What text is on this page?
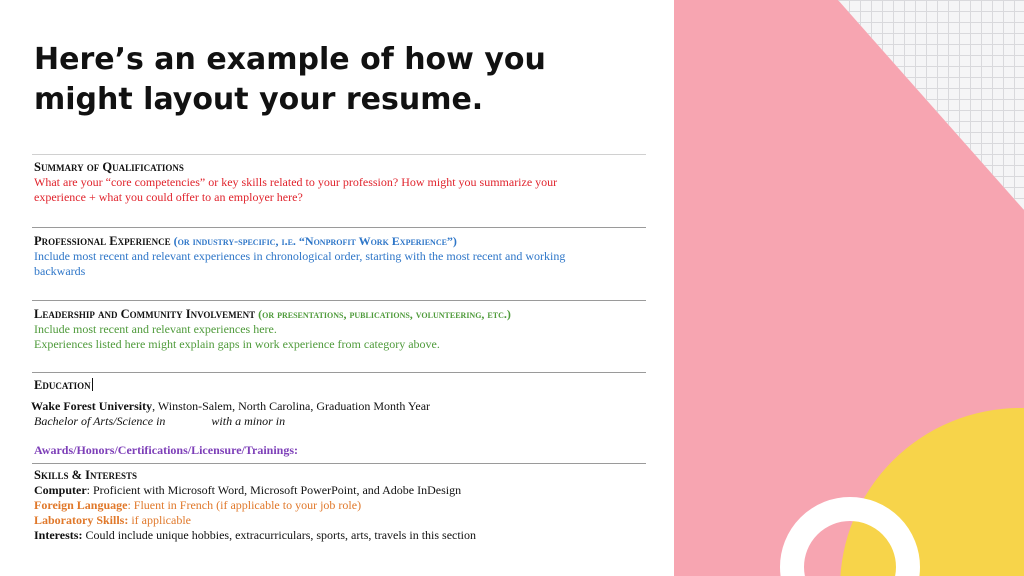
Here’s an example of how you might layout your resume.
Summary of Qualifications
What are your “core competencies” or key skills related to your profession? How might you summarize your
experience + what you could offer to an employer here?
Professional Experience (or industry-specific, i.e. “Nonprofit Work Experience”)
Include most recent and relevant experiences in chronological order, starting with the most recent and working
backwards
Leadership and Community Involvement (or presentations, publications, volunteering, etc.)
Include most recent and relevant experiences here.
Experiences listed here might explain gaps in work experience from category above.
Education
Wake Forest University, Winston-Salem, North Carolina, Graduation Month Year
Bachelor of Arts/Science in	with a minor in
Awards/Honors/Certifications/Licensure/Trainings:
Skills & Interests
Computer: Proficient with Microsoft Word, Microsoft PowerPoint, and Adobe InDesign
Foreign Language: Fluent in French (if applicable to your job role)
Laboratory Skills: if applicable
Interests: Could include unique hobbies, extracurriculars, sports, arts, travels in this section
